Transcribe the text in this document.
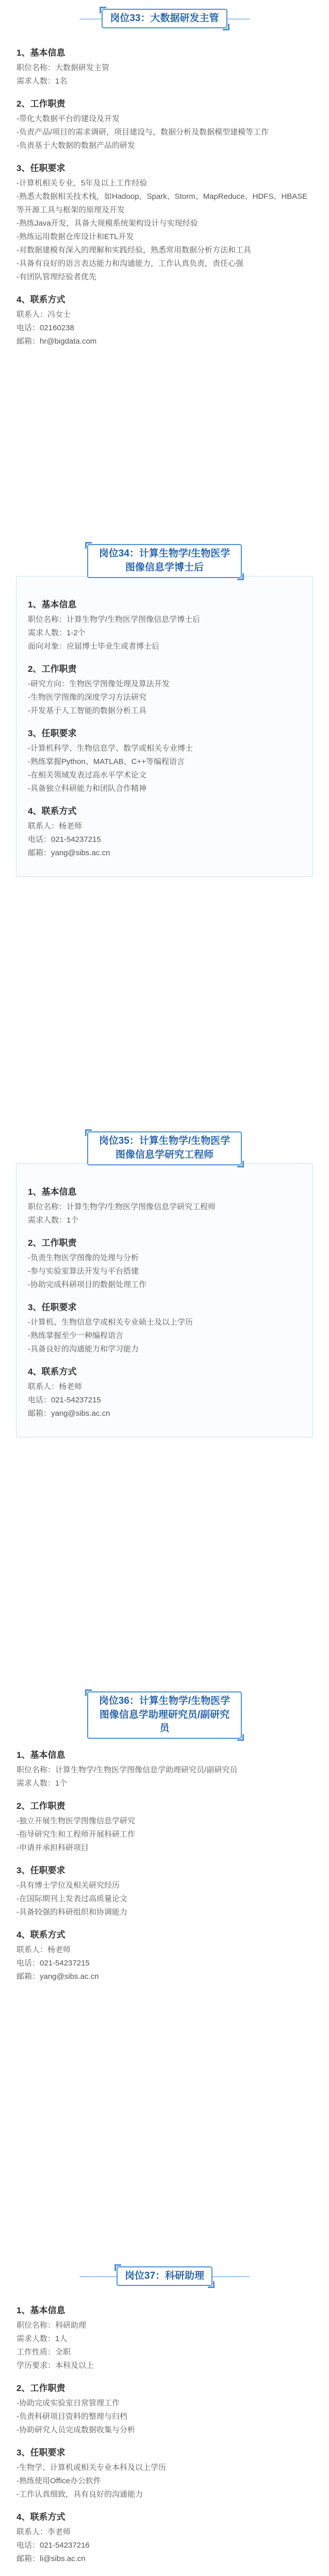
岗位33：大数据研发主管
1、基本信息

职位名称：大数据研发主管

需求人数：1名

2、工作职责

-带化大数据平台的建设及开发

-负责产品/项目的需求调研，项目建设与，数据分析及数据模型建模等工作

-负责基于大数据的数据产品的研发

3、任职要求

-计算机相关专业，5年及以上工作经验

-熟悉大数据相关技术栈，如Hadoop、Spark、Storm、MapReduce、HDFS、HBASE等开源工具与框架的原理及开发

-熟练Java开发，具备大规模系统架构设计与实现经验

-熟练运用数据仓库设计和ETL开发

-对数据建模有深入的理解和实践经验，熟悉常用数据分析方法和工具

-具备有良好的语言表达能力和沟通能力，工作认真负责，责任心强

-有团队管理经验者优先

4、联系方式

联系人：冯女士

电话：02160238

邮箱：hr@bigdata.com

岗位34：计算生物学/生物医学图像信息学博士后
1、基本信息

职位名称：计算生物学/生物医学图像信息学博士后

需求人数：1-2个

面向对象：应届博士毕业生或者博士后

2、工作职责

-研究方向：生物医学图像处理及算法开发

-生物医学图像的深度学习方法研究

-开发基于人工智能的数据分析工具

3、任职要求

-计算机科学、生物信息学、数学或相关专业博士

-熟练掌握Python、MATLAB、C++等编程语言

-在相关领域发表过高水平学术论文

-具备独立科研能力和团队合作精神

4、联系方式

联系人：杨老师

电话：021-54237215

邮箱：yang@sibs.ac.cn

岗位35：计算生物学/生物医学图像信息学研究工程师
1、基本信息

职位名称：计算生物学/生物医学图像信息学研究工程师

需求人数：1个

2、工作职责

-负责生物医学图像的处理与分析

-参与实验室算法开发与平台搭建

-协助完成科研项目的数据处理工作

3、任职要求

-计算机、生物信息学或相关专业硕士及以上学历

-熟练掌握至少一种编程语言

-具备良好的沟通能力和学习能力

4、联系方式

联系人：杨老师

电话：021-54237215

邮箱：yang@sibs.ac.cn

岗位36：计算生物学/生物医学图像信息学助理研究员/副研究员
1、基本信息

职位名称：计算生物学/生物医学图像信息学助理研究员/副研究员

需求人数：1个

2、工作职责

-独立开展生物医学图像信息学研究

-指导研究生和工程师开展科研工作

-申请并承担科研项目

3、任职要求

-具有博士学位及相关研究经历

-在国际期刊上发表过高质量论文

-具备较强的科研组织和协调能力

4、联系方式

联系人：杨老师

电话：021-54237215

邮箱：yang@sibs.ac.cn

岗位37：科研助理
1、基本信息

职位名称：科研助理

需求人数：1人

工作性质：全职

学历要求：本科及以上

2、工作职责

-协助完成实验室日常管理工作

-负责科研项目资料的整理与归档

-协助研究人员完成数据收集与分析

3、任职要求

-生物学、计算机或相关专业本科及以上学历

-熟练使用Office办公软件

-工作认真细致，具有良好的沟通能力

4、联系方式

联系人：李老师

电话：021-54237216

邮箱：li@sibs.ac.cn
